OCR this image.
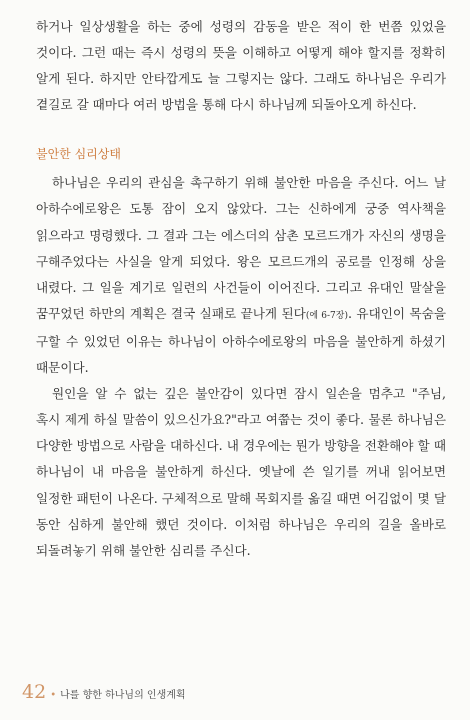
하거나 일상생활을 하는 중에 성령의 감동을 받은 적이 한 번쯤 있었을 것이다. 그런 때는 즉시 성령의 뜻을 이해하고 어떻게 해야 할지를 정확히 알게 된다. 하지만 안타깝게도 늘 그렇지는 않다. 그래도 하나님은 우리가 곁길로 갈 때마다 여러 방법을 통해 다시 하나님께 되돌아오게 하신다.

불안한 심리상태

하나님은 우리의 관심을 촉구하기 위해 불안한 마음을 주신다. 어느 날 아하수에로왕은 도통 잠이 오지 않았다. 그는 신하에게 궁중 역사책을 읽으라고 명령했다. 그 결과 그는 에스더의 삼촌 모르드개가 자신의 생명을 구해주었다는 사실을 알게 되었다. 왕은 모르드개의 공로를 인정해 상을 내렸다. 그 일을 계기로 일련의 사건들이 이어진다. 그리고 유대인 말살을 꿈꾸었던 하만의 계획은 결국 실패로 끝나게 된다(에 6-7장). 유대인이 목숨을 구할 수 있었던 이유는 하나님이 아하수에로왕의 마음을 불안하게 하셨기 때문이다.

원인을 알 수 없는 깊은 불안감이 있다면 잠시 일손을 멈추고 "주님, 혹시 제게 하실 말씀이 있으신가요?"라고 여쭙는 것이 좋다. 물론 하나님은 다양한 방법으로 사람을 대하신다. 내 경우에는 뭔가 방향을 전환해야 할 때 하나님이 내 마음을 불안하게 하신다. 옛날에 쓴 일기를 꺼내 읽어보면 일정한 패턴이 나온다. 구체적으로 말해 목회지를 옮길 때면 어김없이 몇 달 동안 심하게 불안해 했던 것이다. 이처럼 하나님은 우리의 길을 올바로 되돌려놓기 위해 불안한 심리를 주신다.

42 • 나를 향한 하나님의 인생계획
